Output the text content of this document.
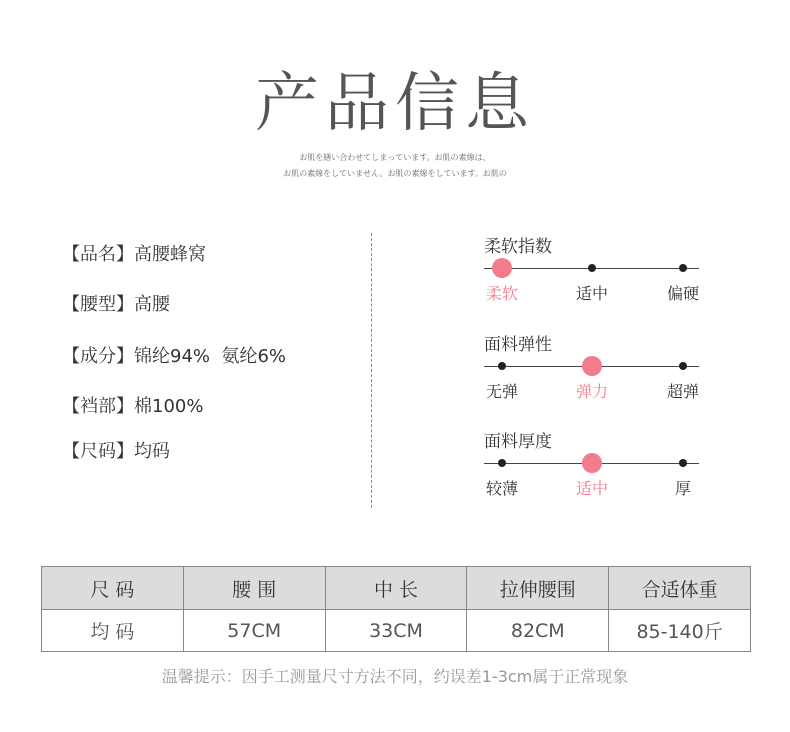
产品信息
お肌を繕い合わせてしまっています。お肌の素線は、
お肌の素線をしていません。お肌の素線をしています。お肌の
【品名】高腰蜂窝
【腰型】高腰
【成分】锦纶94%  氨纶6%
【裆部】棉100%
【尺码】均码
柔软指数
柔软	适中	偏硬
面料弹性
无弹	弹力	超弹
面料厚度
较薄	适中	厚
尺 码	腰 围	中 长	拉伸腰围	合适体重
均 码	57CM	33CM	82CM	85-140斤
温馨提示：因手工测量尺寸方法不同，约误差1-3cm属于正常现象
